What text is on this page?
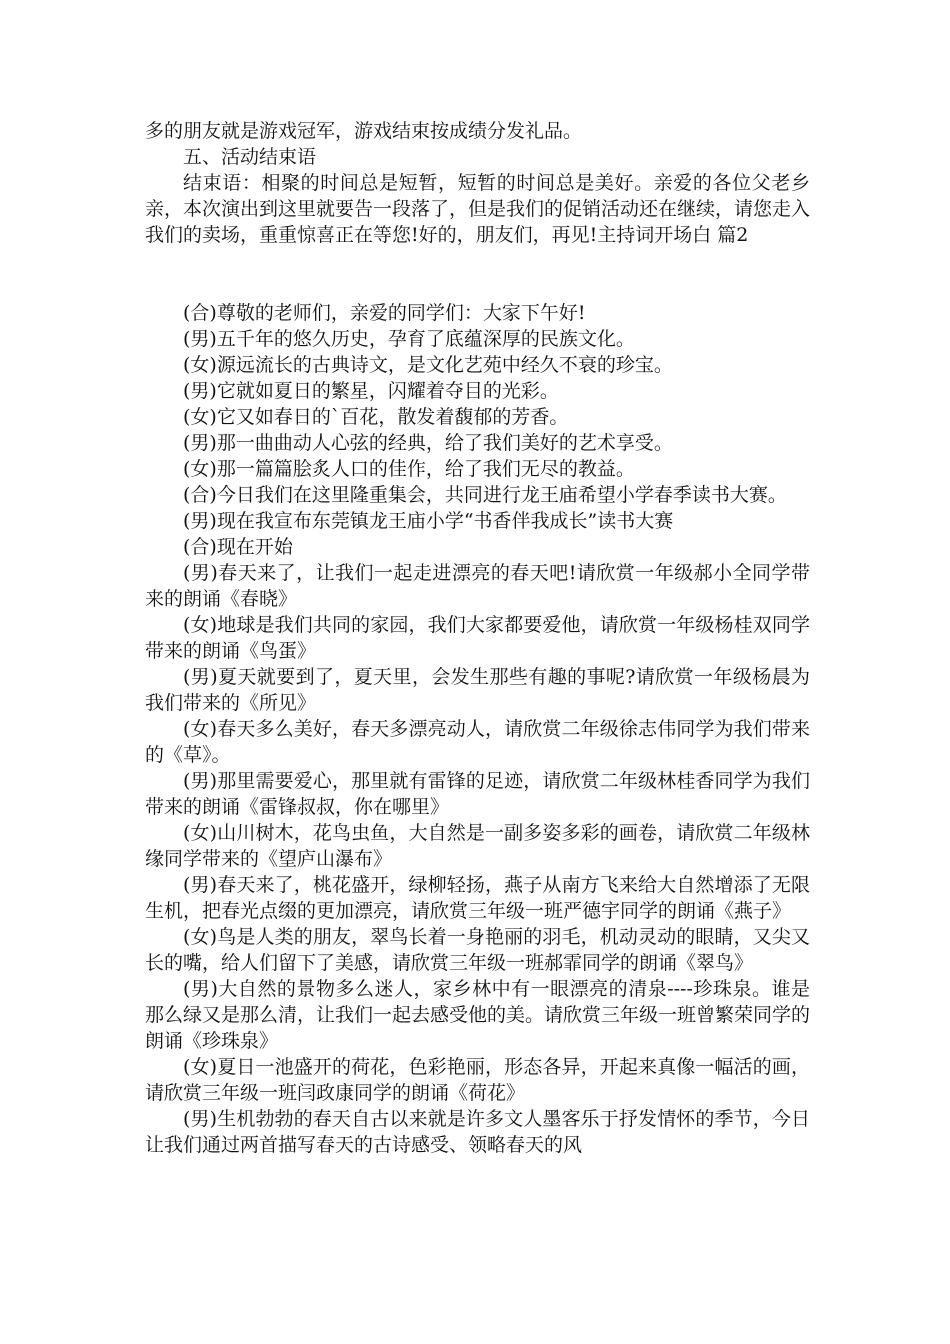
多的朋友就是游戏冠军，游戏结束按成绩分发礼品。

五、活动结束语

结束语：相聚的时间总是短暂，短暂的时间总是美好。亲爱的各位父老乡亲，本次演出到这里就要告一段落了，但是我们的促销活动还在继续，请您走入我们的卖场，重重惊喜正在等您!好的，朋友们，再见!主持词开场白 篇2

(合)尊敬的老师们，亲爱的同学们：大家下午好!

(男)五千年的悠久历史，孕育了底蕴深厚的民族文化。

(女)源远流长的古典诗文，是文化艺苑中经久不衰的珍宝。

(男)它就如夏日的繁星，闪耀着夺目的光彩。

(女)它又如春日的`百花，散发着馥郁的芳香。

(男)那一曲曲动人心弦的经典，给了我们美好的艺术享受。

(女)那一篇篇脍炙人口的佳作，给了我们无尽的教益。

(合)今日我们在这里隆重集会，共同进行龙王庙希望小学春季读书大赛。

(男)现在我宣布东莞镇龙王庙小学“书香伴我成长”读书大赛

(合)现在开始

(男)春天来了，让我们一起走进漂亮的春天吧!请欣赏一年级郝小全同学带来的朗诵《春晓》

(女)地球是我们共同的家园，我们大家都要爱他，请欣赏一年级杨桂双同学带来的朗诵《鸟蛋》

(男)夏天就要到了，夏天里，会发生那些有趣的事呢?请欣赏一年级杨晨为我们带来的《所见》

(女)春天多么美好，春天多漂亮动人，请欣赏二年级徐志伟同学为我们带来的《草》。

(男)那里需要爱心，那里就有雷锋的足迹，请欣赏二年级林桂香同学为我们带来的朗诵《雷锋叔叔，你在哪里》

(女)山川树木，花鸟虫鱼，大自然是一副多姿多彩的画卷，请欣赏二年级林缘同学带来的《望庐山瀑布》

(男)春天来了，桃花盛开，绿柳轻扬，燕子从南方飞来给大自然增添了无限生机，把春光点缀的更加漂亮，请欣赏三年级一班严德宇同学的朗诵《燕子》

(女)鸟是人类的朋友，翠鸟长着一身艳丽的羽毛，机动灵动的眼睛，又尖又长的嘴，给人们留下了美感，请欣赏三年级一班郝霏同学的朗诵《翠鸟》

(男)大自然的景物多么迷人，家乡林中有一眼漂亮的清泉----珍珠泉。谁是那么绿又是那么清，让我们一起去感受他的美。请欣赏三年级一班曾繁荣同学的朗诵《珍珠泉》

(女)夏日一池盛开的荷花，色彩艳丽，形态各异，开起来真像一幅活的画，请欣赏三年级一班闫政康同学的朗诵《荷花》

(男)生机勃勃的春天自古以来就是许多文人墨客乐于抒发情怀的季节，今日让我们通过两首描写春天的古诗感受、领略春天的风
